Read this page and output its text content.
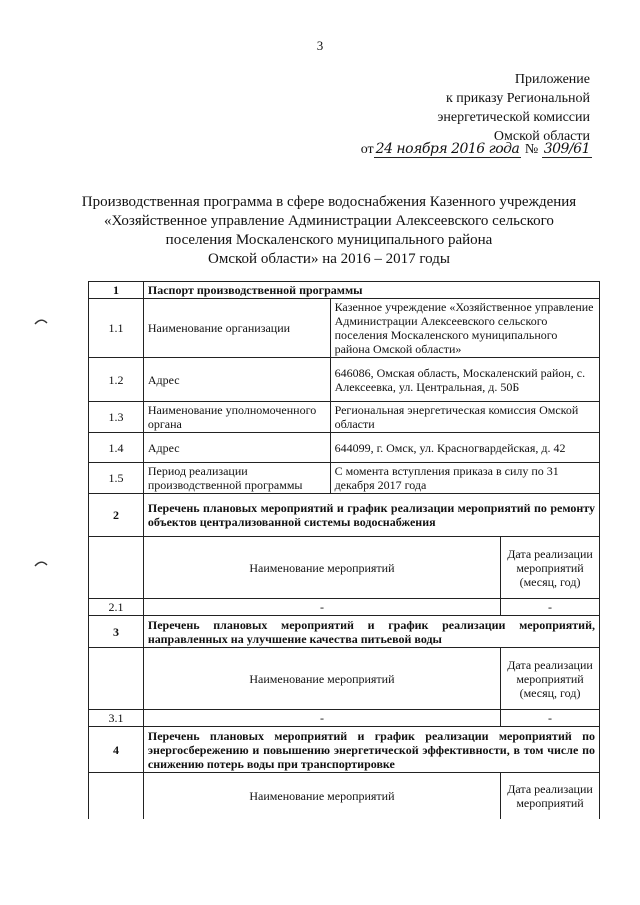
3
Приложение
к приказу Региональной
энергетической комиссии
Омской области
от 24 ноября 2016 года № 309/61
Производственная программа в сфере водоснабжения Казенного учреждения
«Хозяйственное управление Администрации Алексеевского сельского
поселения Москаленского муниципального района
Омской области» на 2016 – 2017 годы
1	Паспорт производственной программы		
1.1	Наименование организации	Казенное учреждение «Хозяйственное управление Администрации Алексеевского сельского поселения Москаленского муниципального района Омской области»	
1.2	Адрес	646086, Омская область, Москаленский район, с. Алексеевка, ул. Центральная, д. 50Б	
1.3	Наименование уполномоченного органа	Региональная энергетическая комиссия Омской области	
1.4	Адрес	644099, г. Омск, ул. Красногвардейская, д. 42	
1.5	Период реализации производственной программы	С момента вступления приказа в силу по 31 декабря 2017 года	
2	Перечень плановых мероприятий и график реализации мероприятий по ремонту объектов централизованной системы водоснабжения		
	Наименование мероприятий		Дата реализации мероприятий (месяц, год)
2.1	-		-
3	Перечень плановых мероприятий и график реализации мероприятий, направленных на улучшение качества питьевой воды		
	Наименование мероприятий		Дата реализации мероприятий (месяц, год)
3.1	-		-
4	Перечень плановых мероприятий и график реализации мероприятий по энергосбережению и повышению энергетической эффективности, в том числе по снижению потерь воды при транспортировке		
	Наименование мероприятий		Дата реализации мероприятий
